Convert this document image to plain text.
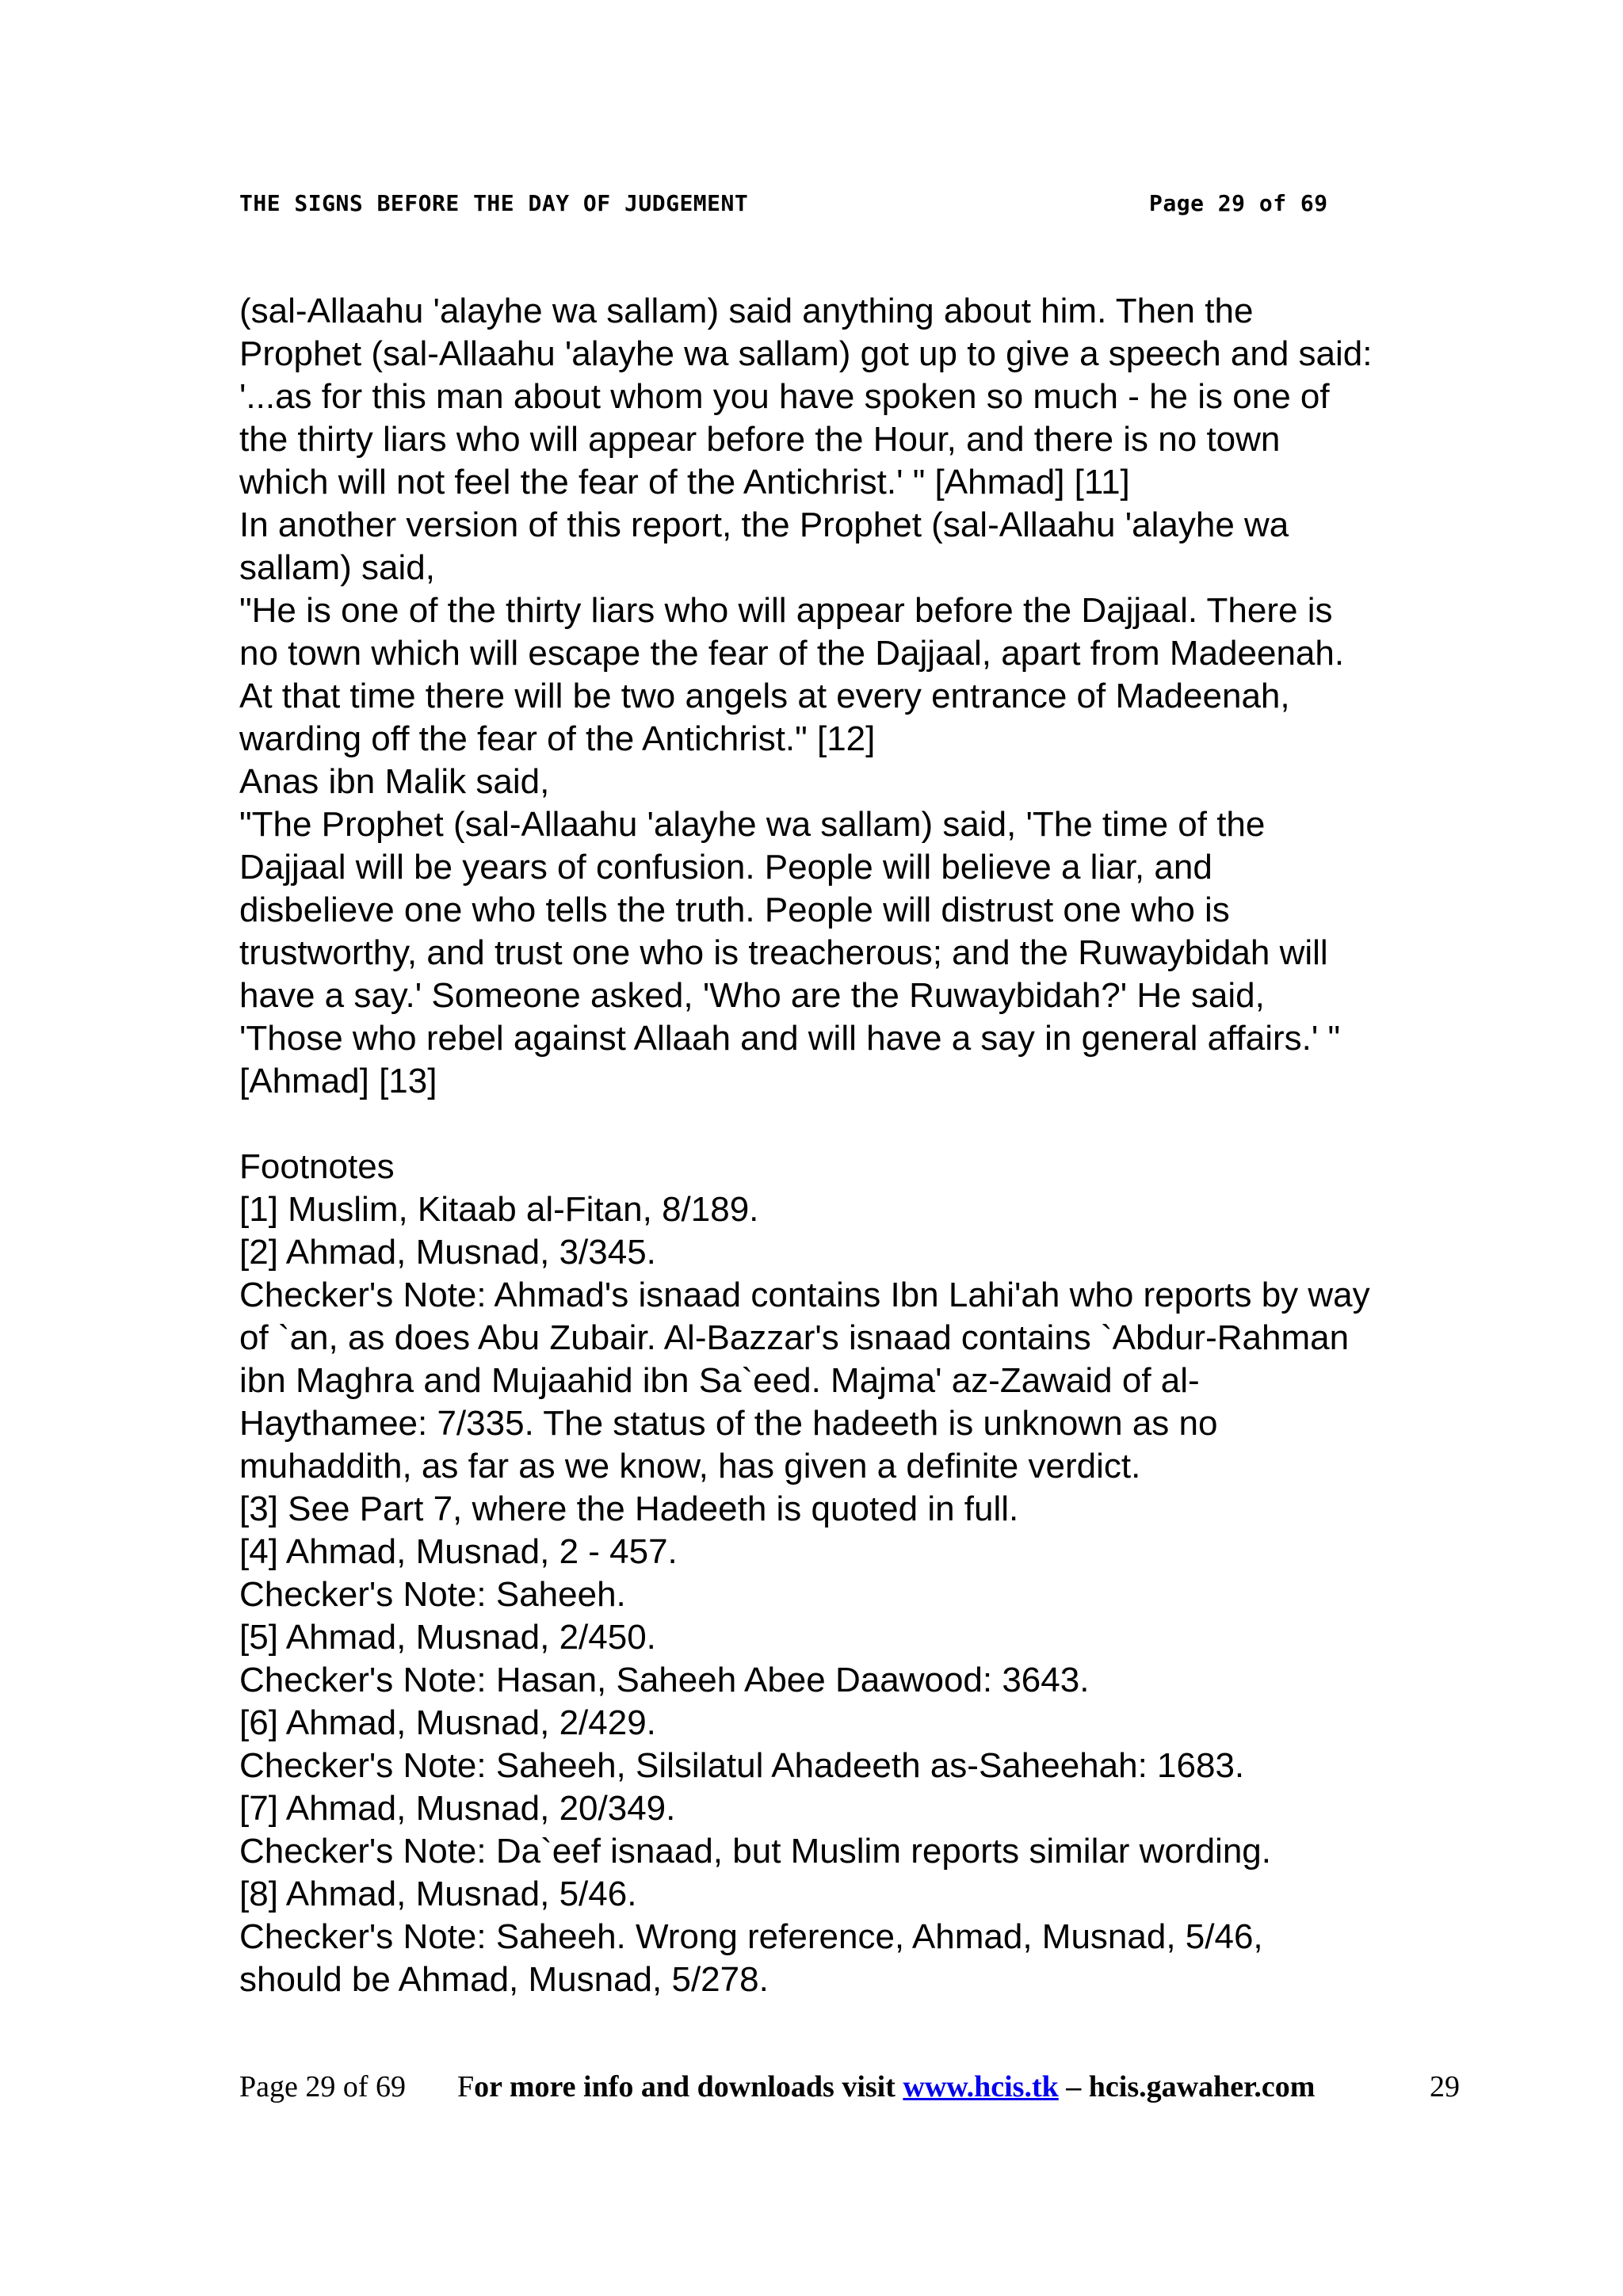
THE SIGNS BEFORE THE DAY OF JUDGEMENT	Page 29 of 69
(sal-Allaahu 'alayhe wa sallam) said anything about him. Then the
Prophet (sal-Allaahu 'alayhe wa sallam) got up to give a speech and said:
'...as for this man about whom you have spoken so much - he is one of
the thirty liars who will appear before the Hour, and there is no town
which will not feel the fear of the Antichrist.' " [Ahmad] [11]
In another version of this report, the Prophet (sal-Allaahu 'alayhe wa
sallam) said,
"He is one of the thirty liars who will appear before the Dajjaal. There is
no town which will escape the fear of the Dajjaal, apart from Madeenah.
At that time there will be two angels at every entrance of Madeenah,
warding off the fear of the Antichrist." [12]
Anas ibn Malik said,
"The Prophet (sal-Allaahu 'alayhe wa sallam) said, 'The time of the
Dajjaal will be years of confusion. People will believe a liar, and
disbelieve one who tells the truth. People will distrust one who is
trustworthy, and trust one who is treacherous; and the Ruwaybidah will
have a say.' Someone asked, 'Who are the Ruwaybidah?' He said,
'Those who rebel against Allaah and will have a say in general affairs.' "
[Ahmad] [13]
Footnotes
[1] Muslim, Kitaab al-Fitan, 8/189.
[2] Ahmad, Musnad, 3/345.
Checker's Note: Ahmad's isnaad contains Ibn Lahi'ah who reports by way
of `an, as does Abu Zubair. Al-Bazzar's isnaad contains `Abdur-Rahman
ibn Maghra and Mujaahid ibn Sa`eed. Majma' az-Zawaid of al-
Haythamee: 7/335. The status of the hadeeth is unknown as no
muhaddith, as far as we know, has given a definite verdict.
[3] See Part 7, where the Hadeeth is quoted in full.
[4] Ahmad, Musnad, 2 - 457.
Checker's Note: Saheeh.
[5] Ahmad, Musnad, 2/450.
Checker's Note: Hasan, Saheeh Abee Daawood: 3643.
[6] Ahmad, Musnad, 2/429.
Checker's Note: Saheeh, Silsilatul Ahadeeth as-Saheehah: 1683.
[7] Ahmad, Musnad, 20/349.
Checker's Note: Da`eef isnaad, but Muslim reports similar wording.
[8] Ahmad, Musnad, 5/46.
Checker's Note: Saheeh. Wrong reference, Ahmad, Musnad, 5/46,
should be Ahmad, Musnad, 5/278.
Page 29 of 69 For more info and downloads visit www.hcis.tk – hcis.gawaher.com	29
